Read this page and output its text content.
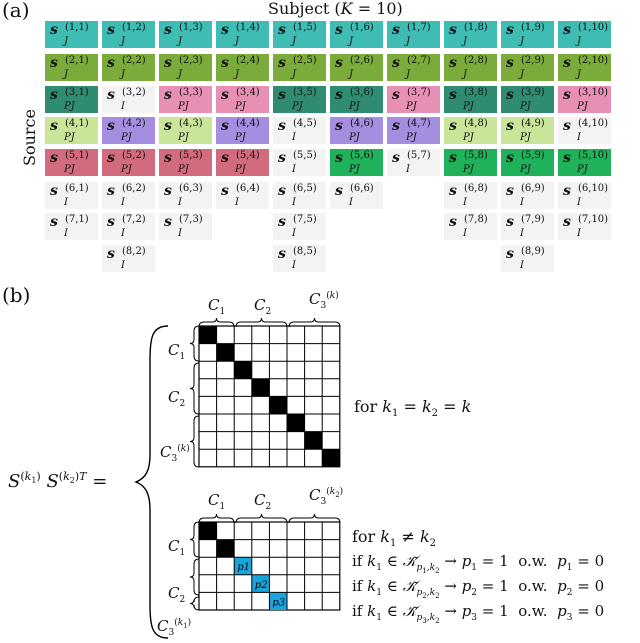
(a)	Subject (K = 10)
Source
s (1,1)
J
s (1,2)
J
s (1,3)
J
s (1,4)
J
s (1,5)
J
s (1,6)
J
s (1,7)
J
s (1,8)
J
s (1,9)
J
s (1,10)
J
s (2,1)
J
s (2,2)
J
s (2,3)
J
s (2,4)
J
s (2,5)
J
s (2,6)
J
s (2,7)
J
s (2,8)
J
s (2,9)
J
s (2,10)
J
s (3,1)
PJ
s (3,2)
I
s (3,3)
PJ
s (3,4)
PJ
s (3,5)
PJ
s (3,6)
PJ
s (3,7)
PJ
s (3,8)
PJ
s (3,9)
PJ
s (3,10)
PJ
s (4,1)
PJ
s (4,2)
PJ
s (4,3)
PJ
s (4,4)
PJ
s (4,5)
I
s (4,6)
PJ
s (4,7)
PJ
s (4,8)
PJ
s (4,9)
PJ
s (4,10)
I
s (5,1)
PJ
s (5,2)
PJ
s (5,3)
PJ
s (5,4)
PJ
s (5,5)
I
s (5,6)
PJ
s (5,7)
I
s (5,8)
PJ
s (5,9)
PJ
s (5,10)
PJ
s (6,1)
I
s (6,2)
I
s (6,3)
I
s (6,4)
I
s (6,5)
I
s (6,6)
I
s (6,8)
I
s (6,9)
I
s (6,10)
I
s (7,1)
I
s (7,2)
I
s (7,3)
I
s (7,5)
I
s (7,8)
I
s (7,9)
I
s (7,10)
I
s (8,2)
I
s (8,5)
I
s (8,9)
I
(b)
$S^{(k_1)}$ $S^{(k_2)T}$ =
p1
p2
p3
$C_1$ $C_2$
$C_3^{(k)}$
$C_1$
$C_2$
$C_3^{(k)}$
for $k_1 = k_2 = k$
$C_1$ $C_2$
$C_3^{(k_2)}$
$C_1$
$C_2$
$C_3^{(k_1)}$
for $k_1 \ne k_2$
if $k_1$ ∈ $𝒦̃_{p_1,k_2} \to p_1 = 1$  o.w.  $p_1 = 0$
if $k_1$ ∈ $𝒦̃_{p_2,k_2} \to p_2 = 1$  o.w.  $p_2 = 0$
if $k_1$ ∈ $𝒦̃_{p_3,k_2} \to p_3 = 1$  o.w.  $p_3 = 0$
